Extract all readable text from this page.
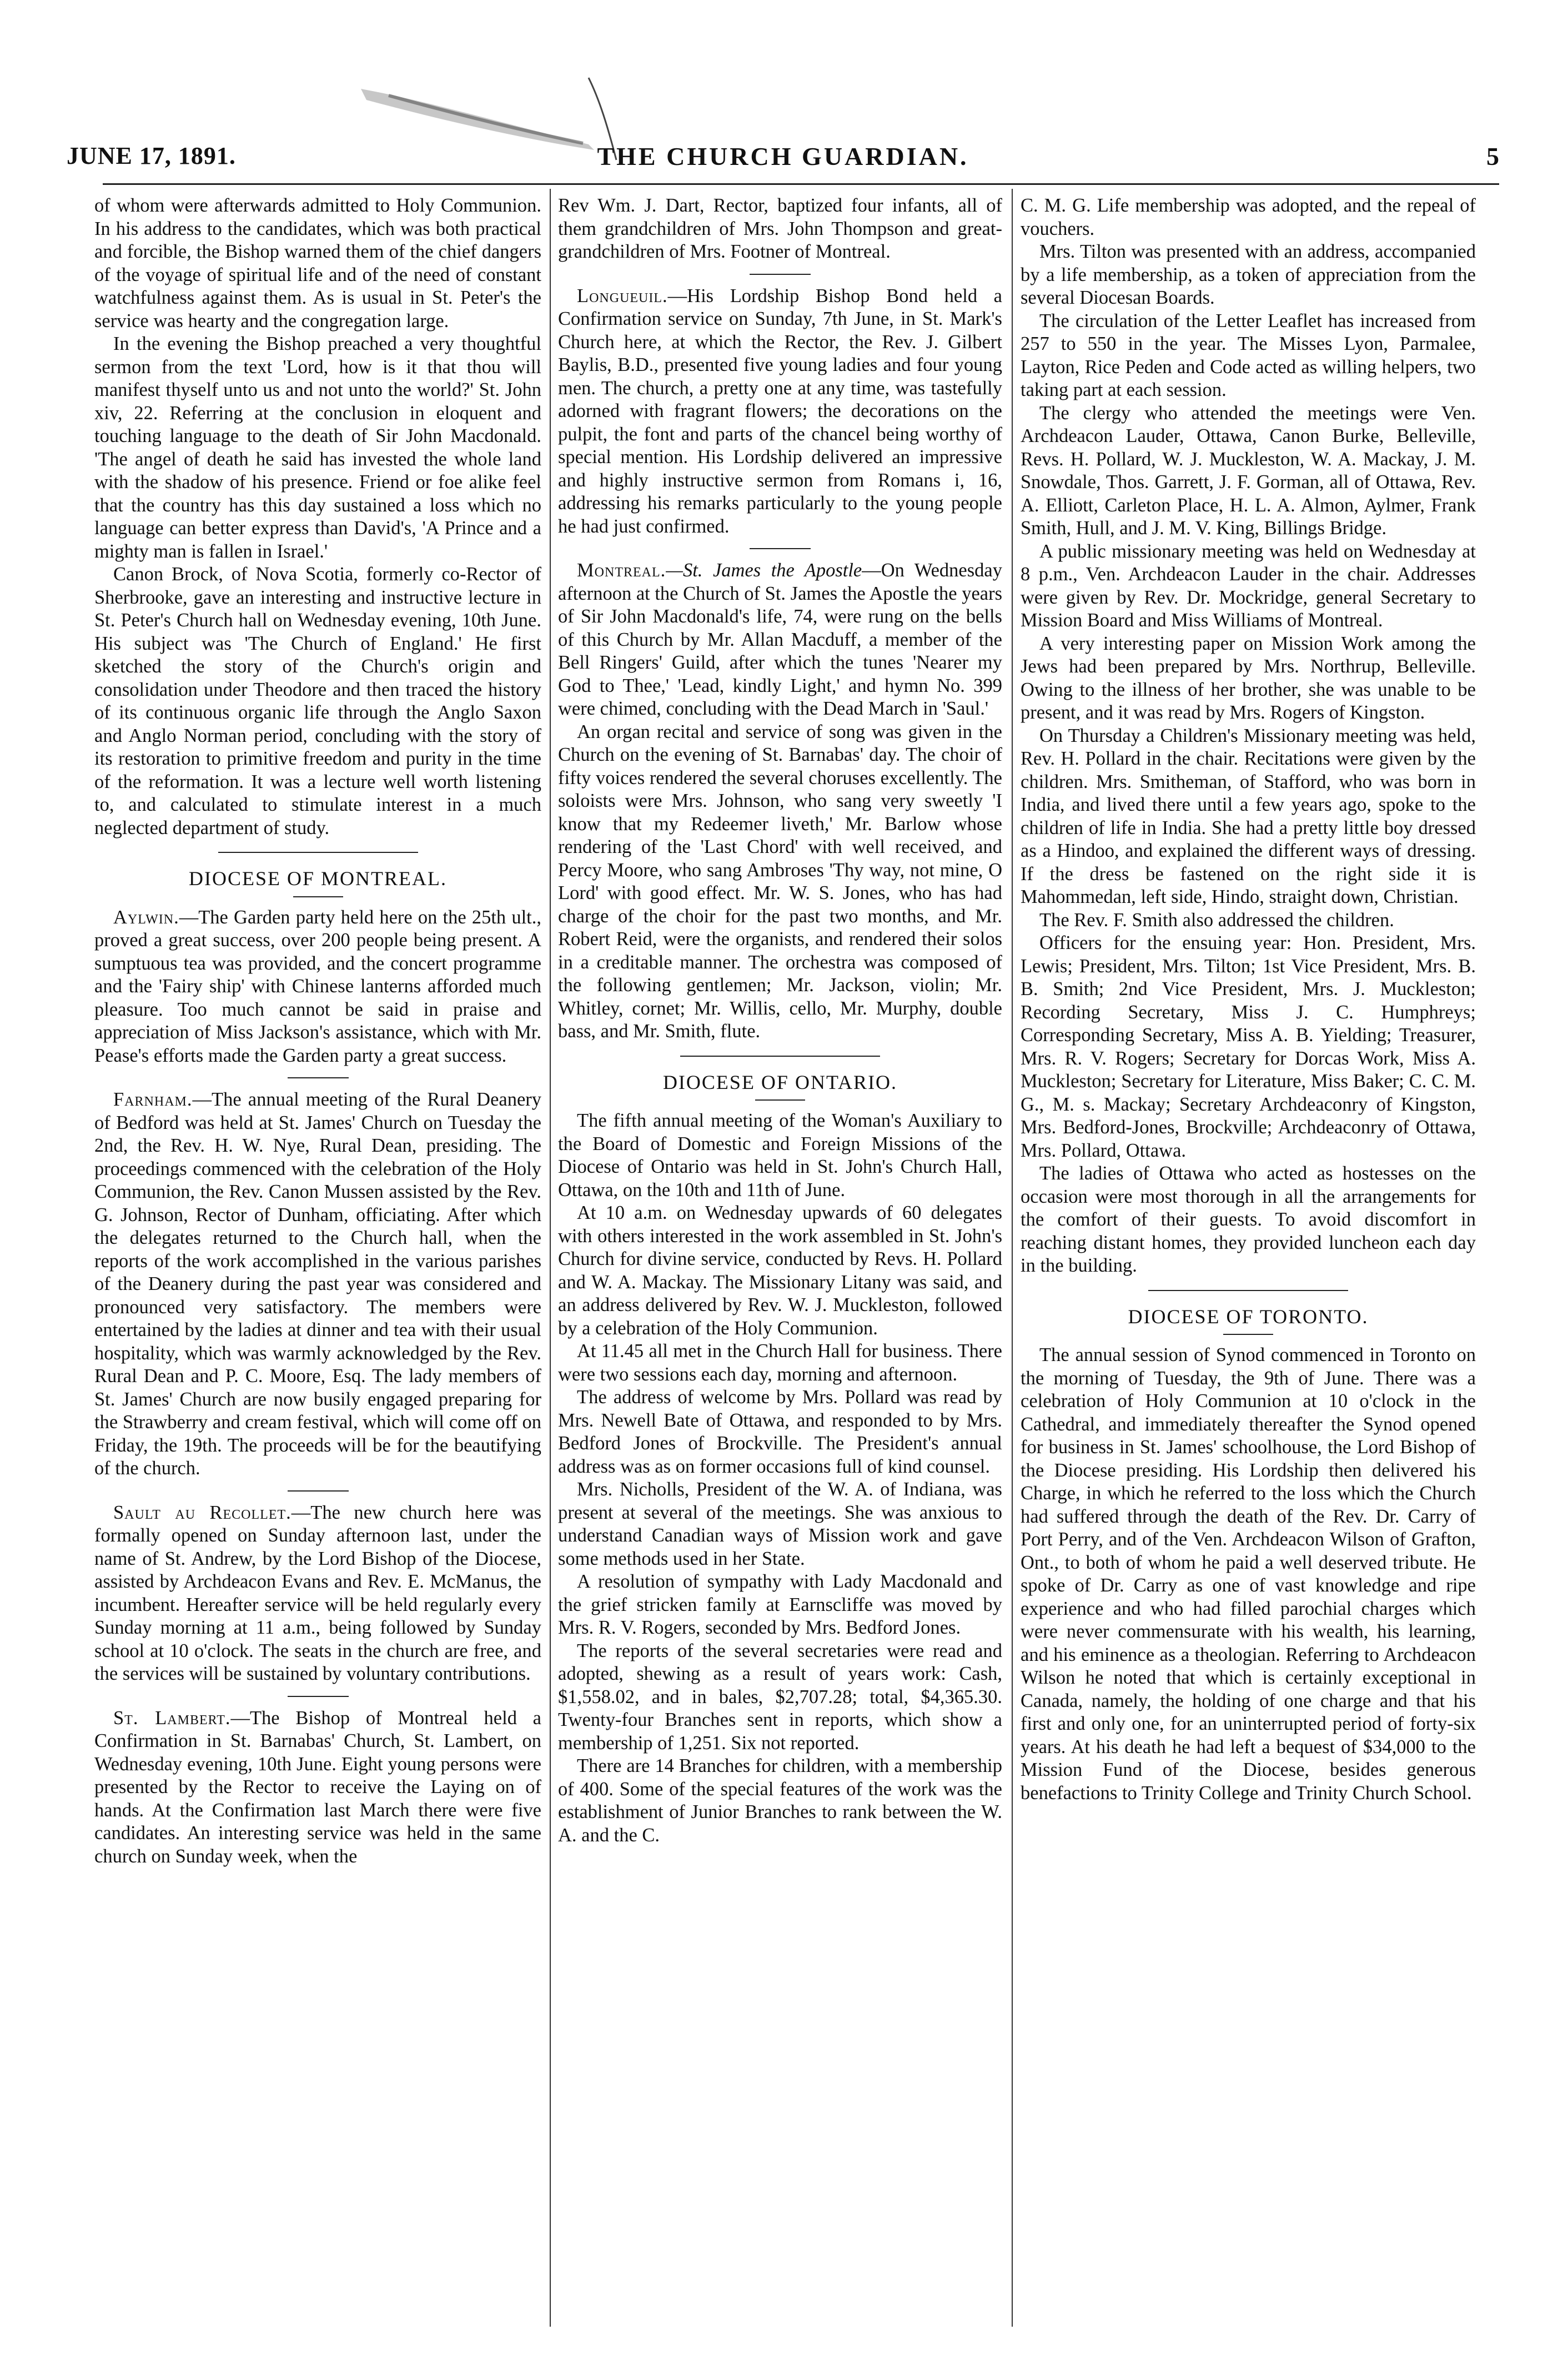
JUNE 17, 1891.	THE CHURCH GUARDIAN.	5

of whom were afterwards admitted to Holy Communion. In his address to the candidates, which was both practical and forcible, the Bishop warned them of the chief dangers of the voyage of spiritual life and of the need of constant watchfulness against them. As is usual in St. Peter's the service was hearty and the congregation large.

In the evening the Bishop preached a very thoughtful sermon from the text 'Lord, how is it that thou will manifest thyself unto us and not unto the world?' St. John xiv, 22. Referring at the conclusion in eloquent and touching language to the death of Sir John Macdonald. 'The angel of death he said has invested the whole land with the shadow of his presence. Friend or foe alike feel that the country has this day sustained a loss which no language can better express than David's, 'A Prince and a mighty man is fallen in Israel.'

Canon Brock, of Nova Scotia, formerly co-Rector of Sherbrooke, gave an interesting and instructive lecture in St. Peter's Church hall on Wednesday evening, 10th June. His subject was 'The Church of England.' He first sketched the story of the Church's origin and consolidation under Theodore and then traced the history of its continuous organic life through the Anglo Saxon and Anglo Norman period, concluding with the story of its restoration to primitive freedom and purity in the time of the reformation. It was a lecture well worth listening to, and calculated to stimulate interest in a much neglected department of study.

DIOCESE OF MONTREAL.

Aylwin.—The Garden party held here on the 25th ult., proved a great success, over 200 people being present. A sumptuous tea was provided, and the concert programme and the 'Fairy ship' with Chinese lanterns afforded much pleasure. Too much cannot be said in praise and appreciation of Miss Jackson's assistance, which with Mr. Pease's efforts made the Garden party a great success.

Farnham.—The annual meeting of the Rural Deanery of Bedford was held at St. James' Church on Tuesday the 2nd, the Rev. H. W. Nye, Rural Dean, presiding. The proceedings commenced with the celebration of the Holy Communion, the Rev. Canon Mussen assisted by the Rev. G. Johnson, Rector of Dunham, officiating. After which the delegates returned to the Church hall, when the reports of the work accomplished in the various parishes of the Deanery during the past year was considered and pronounced very satisfactory. The members were entertained by the ladies at dinner and tea with their usual hospitality, which was warmly acknowledged by the Rev. Rural Dean and P. C. Moore, Esq. The lady members of St. James' Church are now busily engaged preparing for the Strawberry and cream festival, which will come off on Friday, the 19th. The proceeds will be for the beautifying of the church.

Sault au Recollet.—The new church here was formally opened on Sunday afternoon last, under the name of St. Andrew, by the Lord Bishop of the Diocese, assisted by Archdeacon Evans and Rev. E. McManus, the incumbent. Hereafter service will be held regularly every Sunday morning at 11 a.m., being followed by Sunday school at 10 o'clock. The seats in the church are free, and the services will be sustained by voluntary contributions.

St. Lambert.—The Bishop of Montreal held a Confirmation in St. Barnabas' Church, St. Lambert, on Wednesday evening, 10th June. Eight young persons were presented by the Rector to receive the Laying on of hands. At the Confirmation last March there were five candidates. An interesting service was held in the same church on Sunday week, when the

Rev Wm. J. Dart, Rector, baptized four infants, all of them grandchildren of Mrs. John Thompson and great-grandchildren of Mrs. Footner of Montreal.

Longueuil.—His Lordship Bishop Bond held a Confirmation service on Sunday, 7th June, in St. Mark's Church here, at which the Rector, the Rev. J. Gilbert Baylis, B.D., presented five young ladies and four young men. The church, a pretty one at any time, was tastefully adorned with fragrant flowers; the decorations on the pulpit, the font and parts of the chancel being worthy of special mention. His Lordship delivered an impressive and highly instructive sermon from Romans i, 16, addressing his remarks particularly to the young people he had just confirmed.

Montreal.—St. James the Apostle—On Wednesday afternoon at the Church of St. James the Apostle the years of Sir John Macdonald's life, 74, were rung on the bells of this Church by Mr. Allan Macduff, a member of the Bell Ringers' Guild, after which the tunes 'Nearer my God to Thee,' 'Lead, kindly Light,' and hymn No. 399 were chimed, concluding with the Dead March in 'Saul.'

An organ recital and service of song was given in the Church on the evening of St. Barnabas' day. The choir of fifty voices rendered the several choruses excellently. The soloists were Mrs. Johnson, who sang very sweetly 'I know that my Redeemer liveth,' Mr. Barlow whose rendering of the 'Last Chord' with well received, and Percy Moore, who sang Ambroses 'Thy way, not mine, O Lord' with good effect. Mr. W. S. Jones, who has had charge of the choir for the past two months, and Mr. Robert Reid, were the organists, and rendered their solos in a creditable manner. The orchestra was composed of the following gentlemen; Mr. Jackson, violin; Mr. Whitley, cornet; Mr. Willis, cello, Mr. Murphy, double bass, and Mr. Smith, flute.

DIOCESE OF ONTARIO.

The fifth annual meeting of the Woman's Auxiliary to the Board of Domestic and Foreign Missions of the Diocese of Ontario was held in St. John's Church Hall, Ottawa, on the 10th and 11th of June.

At 10 a.m. on Wednesday upwards of 60 delegates with others interested in the work assembled in St. John's Church for divine service, conducted by Revs. H. Pollard and W. A. Mackay. The Missionary Litany was said, and an address delivered by Rev. W. J. Muckleston, followed by a celebration of the Holy Communion.

At 11.45 all met in the Church Hall for business. There were two sessions each day, morning and afternoon.

The address of welcome by Mrs. Pollard was read by Mrs. Newell Bate of Ottawa, and responded to by Mrs. Bedford Jones of Brockville. The President's annual address was as on former occasions full of kind counsel.

Mrs. Nicholls, President of the W. A. of Indiana, was present at several of the meetings. She was anxious to understand Canadian ways of Mission work and gave some methods used in her State.

A resolution of sympathy with Lady Macdonald and the grief stricken family at Earnscliffe was moved by Mrs. R. V. Rogers, seconded by Mrs. Bedford Jones.

The reports of the several secretaries were read and adopted, shewing as a result of years work: Cash, $1,558.02, and in bales, $2,707.28; total, $4,365.30. Twenty-four Branches sent in reports, which show a membership of 1,251. Six not reported.

There are 14 Branches for children, with a membership of 400. Some of the special features of the work was the establishment of Junior Branches to rank between the W. A. and the C.

C. M. G. Life membership was adopted, and the repeal of vouchers.

Mrs. Tilton was presented with an address, accompanied by a life membership, as a token of appreciation from the several Diocesan Boards.

The circulation of the Letter Leaflet has increased from 257 to 550 in the year. The Misses Lyon, Parmalee, Layton, Rice Peden and Code acted as willing helpers, two taking part at each session.

The clergy who attended the meetings were Ven. Archdeacon Lauder, Ottawa, Canon Burke, Belleville, Revs. H. Pollard, W. J. Muckleston, W. A. Mackay, J. M. Snowdale, Thos. Garrett, J. F. Gorman, all of Ottawa, Rev. A. Elliott, Carleton Place, H. L. A. Almon, Aylmer, Frank Smith, Hull, and J. M. V. King, Billings Bridge.

A public missionary meeting was held on Wednesday at 8 p.m., Ven. Archdeacon Lauder in the chair. Addresses were given by Rev. Dr. Mockridge, general Secretary to Mission Board and Miss Williams of Montreal.

A very interesting paper on Mission Work among the Jews had been prepared by Mrs. Northrup, Belleville. Owing to the illness of her brother, she was unable to be present, and it was read by Mrs. Rogers of Kingston.

On Thursday a Children's Missionary meeting was held, Rev. H. Pollard in the chair. Recitations were given by the children. Mrs. Smitheman, of Stafford, who was born in India, and lived there until a few years ago, spoke to the children of life in India. She had a pretty little boy dressed as a Hindoo, and explained the different ways of dressing. If the dress be fastened on the right side it is Mahommedan, left side, Hindo, straight down, Christian.

The Rev. F. Smith also addressed the children.

Officers for the ensuing year: Hon. President, Mrs. Lewis; President, Mrs. Tilton; 1st Vice President, Mrs. B. B. Smith; 2nd Vice President, Mrs. J. Muckleston; Recording Secretary, Miss J. C. Humphreys; Corresponding Secretary, Miss A. B. Yielding; Treasurer, Mrs. R. V. Rogers; Secretary for Dorcas Work, Miss A. Muckleston; Secretary for Literature, Miss Baker; C. C. M. G., M. s. Mackay; Secretary Archdeaconry of Kingston, Mrs. Bedford-Jones, Brockville; Archdeaconry of Ottawa, Mrs. Pollard, Ottawa.

The ladies of Ottawa who acted as hostesses on the occasion were most thorough in all the arrangements for the comfort of their guests. To avoid discomfort in reaching distant homes, they provided luncheon each day in the building.

DIOCESE OF TORONTO.

The annual session of Synod commenced in Toronto on the morning of Tuesday, the 9th of June. There was a celebration of Holy Communion at 10 o'clock in the Cathedral, and immediately thereafter the Synod opened for business in St. James' schoolhouse, the Lord Bishop of the Diocese presiding. His Lordship then delivered his Charge, in which he referred to the loss which the Church had suffered through the death of the Rev. Dr. Carry of Port Perry, and of the Ven. Archdeacon Wilson of Grafton, Ont., to both of whom he paid a well deserved tribute. He spoke of Dr. Carry as one of vast knowledge and ripe experience and who had filled parochial charges which were never commensurate with his wealth, his learning, and his eminence as a theologian. Referring to Archdeacon Wilson he noted that which is certainly exceptional in Canada, namely, the holding of one charge and that his first and only one, for an uninterrupted period of forty-six years. At his death he had left a bequest of $34,000 to the Mission Fund of the Diocese, besides generous benefactions to Trinity College and Trinity Church School.
